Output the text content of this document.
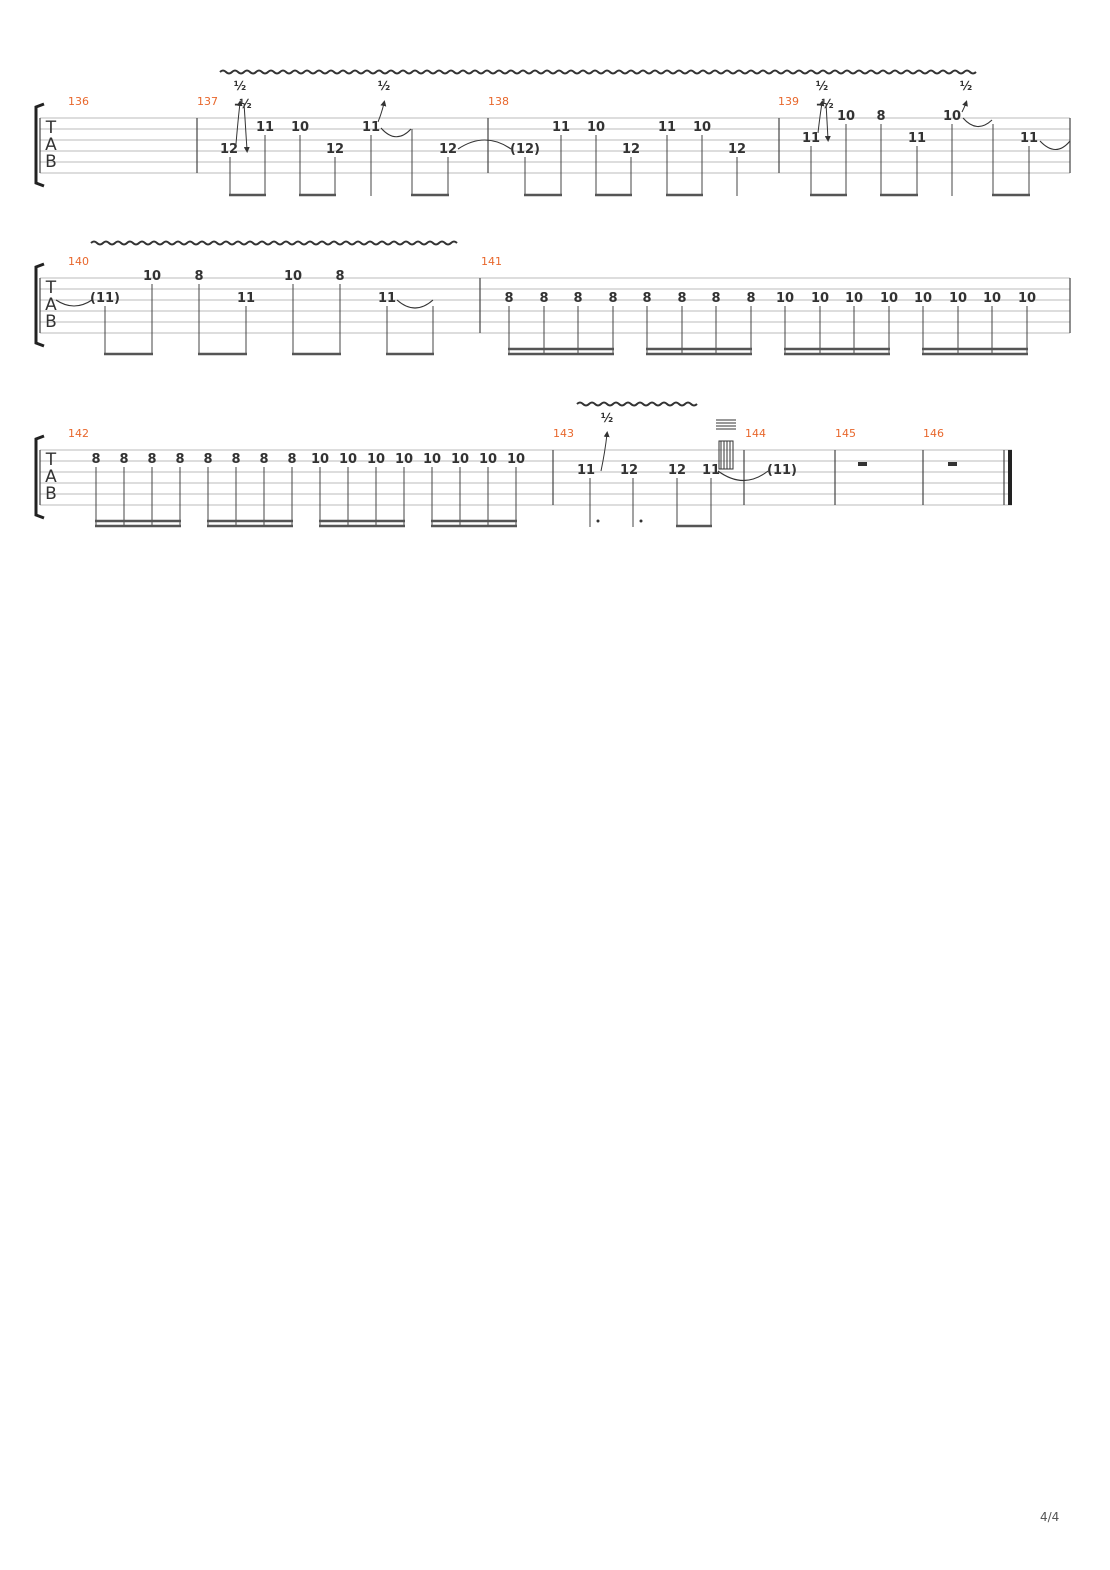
T
A
B
136	137	138	139
½
-½
½	½
-½
½
12
11 10
12
11
12	(12)
11 10
12
11 10
12
11
10 8
11
10
11
T
A
B
140	141
(11)
10	8
11
10	8
11	8 8 8 8 8 8 8 8 10 10 10 10 10 10 10 10
T
A
B
142	143	144	145	146
½
8 8 8 8 8 8 8 8 10 10 10 10 10 10 10 10
11 12 12 11	(11)
4/4
